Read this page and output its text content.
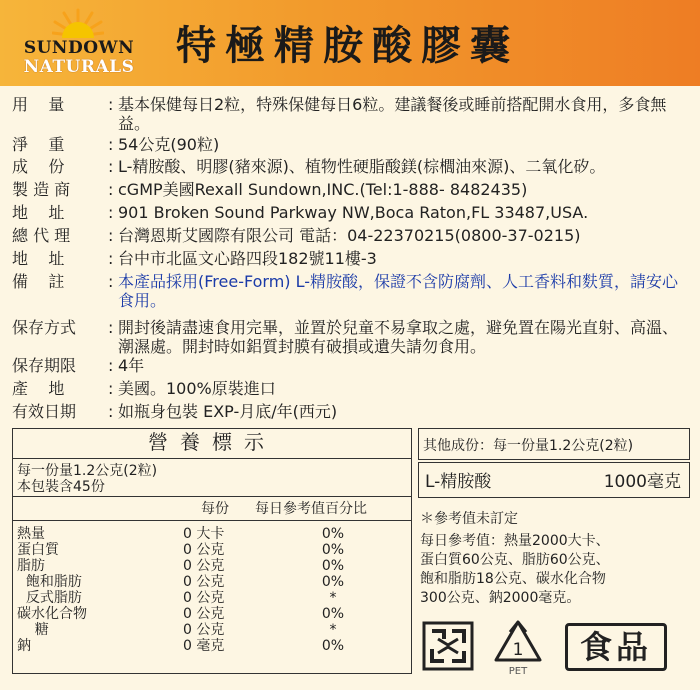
SUNDOWN
NATURALS 特極精胺酸膠囊
用    量	: 基本保健每日2粒，特殊保健每日6粒。建議餐後或睡前搭配開水食用，多食無益。
淨    重	: 54公克(90粒)
成    份	: L-精胺酸、明膠(豬來源)、植物性硬脂酸鎂(棕櫚油來源)、二氧化矽。
製 造 商	: cGMP美國Rexall Sundown,INC.(Tel:1-888- 8482435)
地    址	: 901 Broken Sound Parkway NW,Boca Raton,FL 33487,USA.
總 代 理	: 台灣恩斯艾國際有限公司 電話：04-22370215(0800-37-0215)
地    址	: 台中市北區文心路四段182號11樓-3
備    註	: 本產品採用(Free-Form) L-精胺酸，保證不含防腐劑、人工香料和麩質，請安心食用。
保存方式	: 開封後請盡速食用完畢，並置於兒童不易拿取之處，避免置在陽光直射、高溫、潮濕處。開封時如鋁質封膜有破損或遺失請勿食用。
保存期限	: 4年
產    地	: 美國。100%原裝進口
有效日期	: 如瓶身包裝 EXP-月底/年(西元)
營養標示
每一份量1.2公克(2粒)
本包裝含45份
每份 每日參考值百分比
熱量	0 大卡	0%
蛋白質	0 公克	0%
脂肪	0 公克	0%
飽和脂肪	0 公克	0%
反式脂肪	0 公克	*
碳水化合物	0 公克	0%
糖	0 公克	*
鈉	0 毫克	0%
其他成份：每一份量1.2公克(2粒)
L-精胺酸	1000毫克
＊參考值未訂定
每日參考值：熱量2000大卡、
蛋白質60公克、脂肪60公克、
飽和脂肪18公克、碳水化合物
300公克、鈉2000毫克。
1
PET
食品
